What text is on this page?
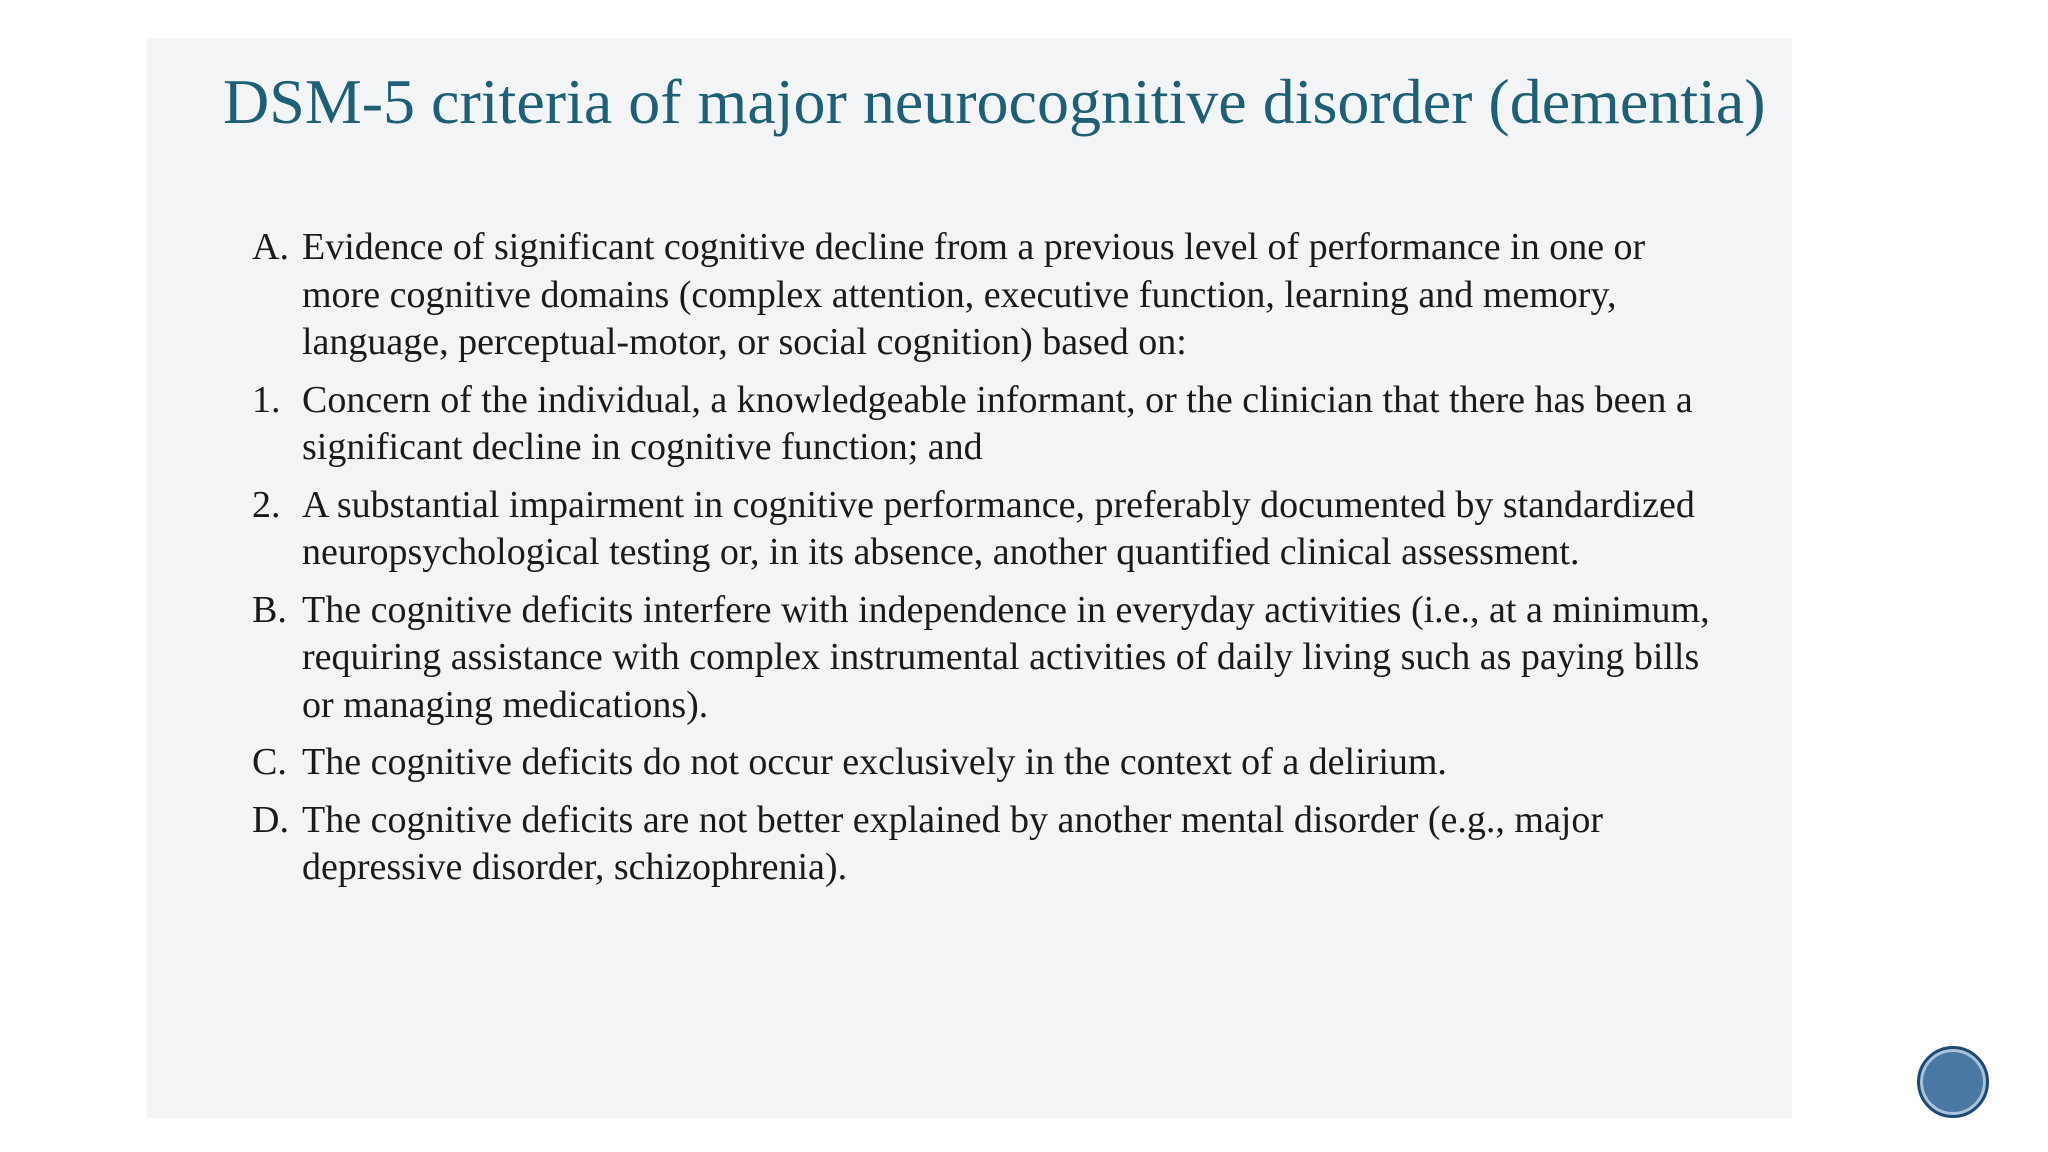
DSM-5 criteria of major neurocognitive disorder (dementia)
A. Evidence of significant cognitive decline from a previous level of performance in one or more cognitive domains (complex attention, executive function, learning and memory, language, perceptual-motor, or social cognition) based on:
1. Concern of the individual, a knowledgeable informant, or the clinician that there has been a significant decline in cognitive function; and
2. A substantial impairment in cognitive performance, preferably documented by standardized neuropsychological testing or, in its absence, another quantified clinical assessment.
B. The cognitive deficits interfere with independence in everyday activities (i.e., at a minimum, requiring assistance with complex instrumental activities of daily living such as paying bills or managing medications).
C. The cognitive deficits do not occur exclusively in the context of a delirium.
D. The cognitive deficits are not better explained by another mental disorder (e.g., major depressive disorder, schizophrenia).
